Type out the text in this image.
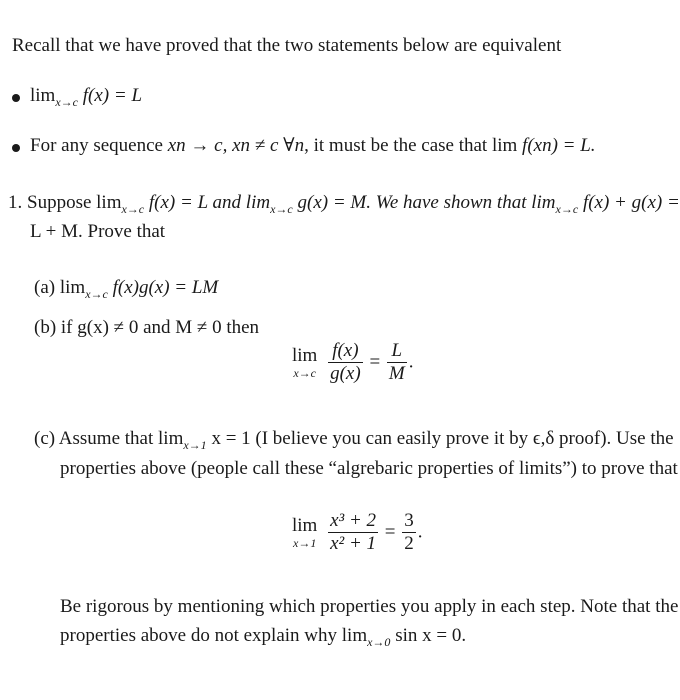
Recall that we have proved that the two statements below are equivalent
$\lim_{x\to c} f(x) = L$
For any sequence xn → c, xn ≠ c ∀n, it must be the case that lim f(xn) = L.
1. Suppose $\lim_{x\to c} f(x) = L$ and $\lim_{x\to c} g(x) = M$. We have shown that $\lim_{x\to c} f(x) + g(x)$ =
L + M. Prove that
(a) $\lim_{x\to c} f(x)g(x)$ = LM
(b) if g(x) ≠ 0 and M ≠ 0 then
lim
x→c
$\frac{f(x)}{g(x)} = \frac{L}{M}$ .
(c) Assume that $\lim_{x\to 1} x = 1$ (I believe you can easily prove it by ϵ,δ proof). Use the
properties above (people call these “algrebaric properties of limits”) to prove that
lim
x→1
$\frac{\text{x³ + 2}}{\text{x² + 1}} = \frac{3}{2}$ .
Be rigorous by mentioning which properties you apply in each step. Note that the
properties above do not explain why $\lim_{x\to 0} \sin x = 0$.
